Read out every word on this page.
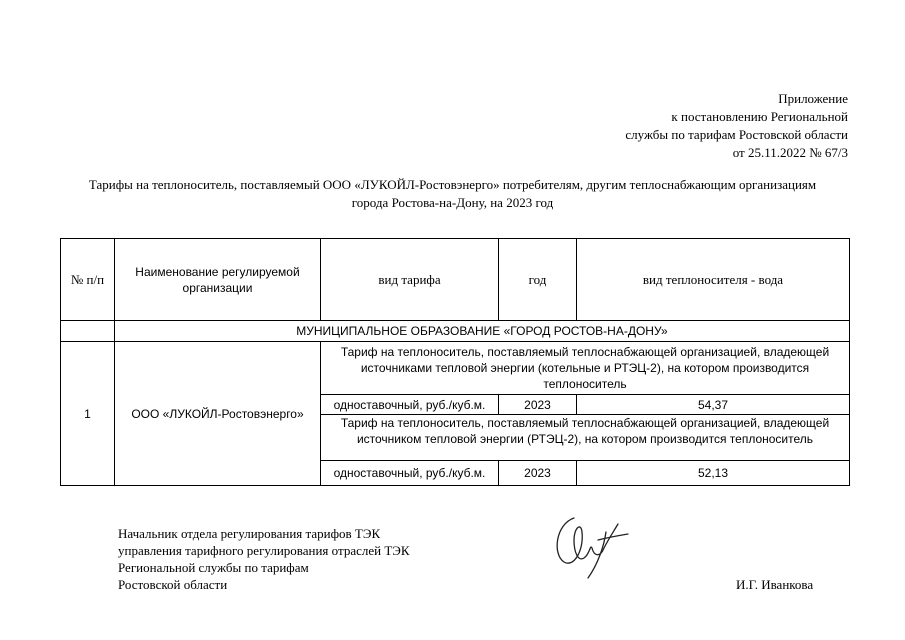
Приложение
к постановлению Региональной
службы по тарифам Ростовской области
от 25.11.2022 № 67/3
Тарифы на теплоноситель, поставляемый ООО «ЛУКОЙЛ-Ростовэнерго» потребителям, другим теплоснабжающим организациям
города Ростова-на-Дону, на 2023 год
№ п/п	Наименование регулируемой организации	вид тарифа	год	вид теплоносителя - вода
	МУНИЦИПАЛЬНОЕ ОБРАЗОВАНИЕ «ГОРОД РОСТОВ-НА-ДОНУ»			
1	ООО «ЛУКОЙЛ-Ростовэнерго»	Тариф на теплоноситель, поставляемый теплоснабжающей организацией, владеющей источниками тепловой энергии (котельные и РТЭЦ-2), на котором производится теплоноситель		
		одноставочный, руб./куб.м.	2023	54,37
		Тариф на теплоноситель, поставляемый теплоснабжающей организацией, владеющей источником тепловой энергии (РТЭЦ-2), на котором производится теплоноситель		
		одноставочный, руб./куб.м.	2023	52,13
Начальник отдела регулирования тарифов ТЭК
управления тарифного регулирования отраслей ТЭК
Региональной службы по тарифам
Ростовской области	И.Г. Иванкова
